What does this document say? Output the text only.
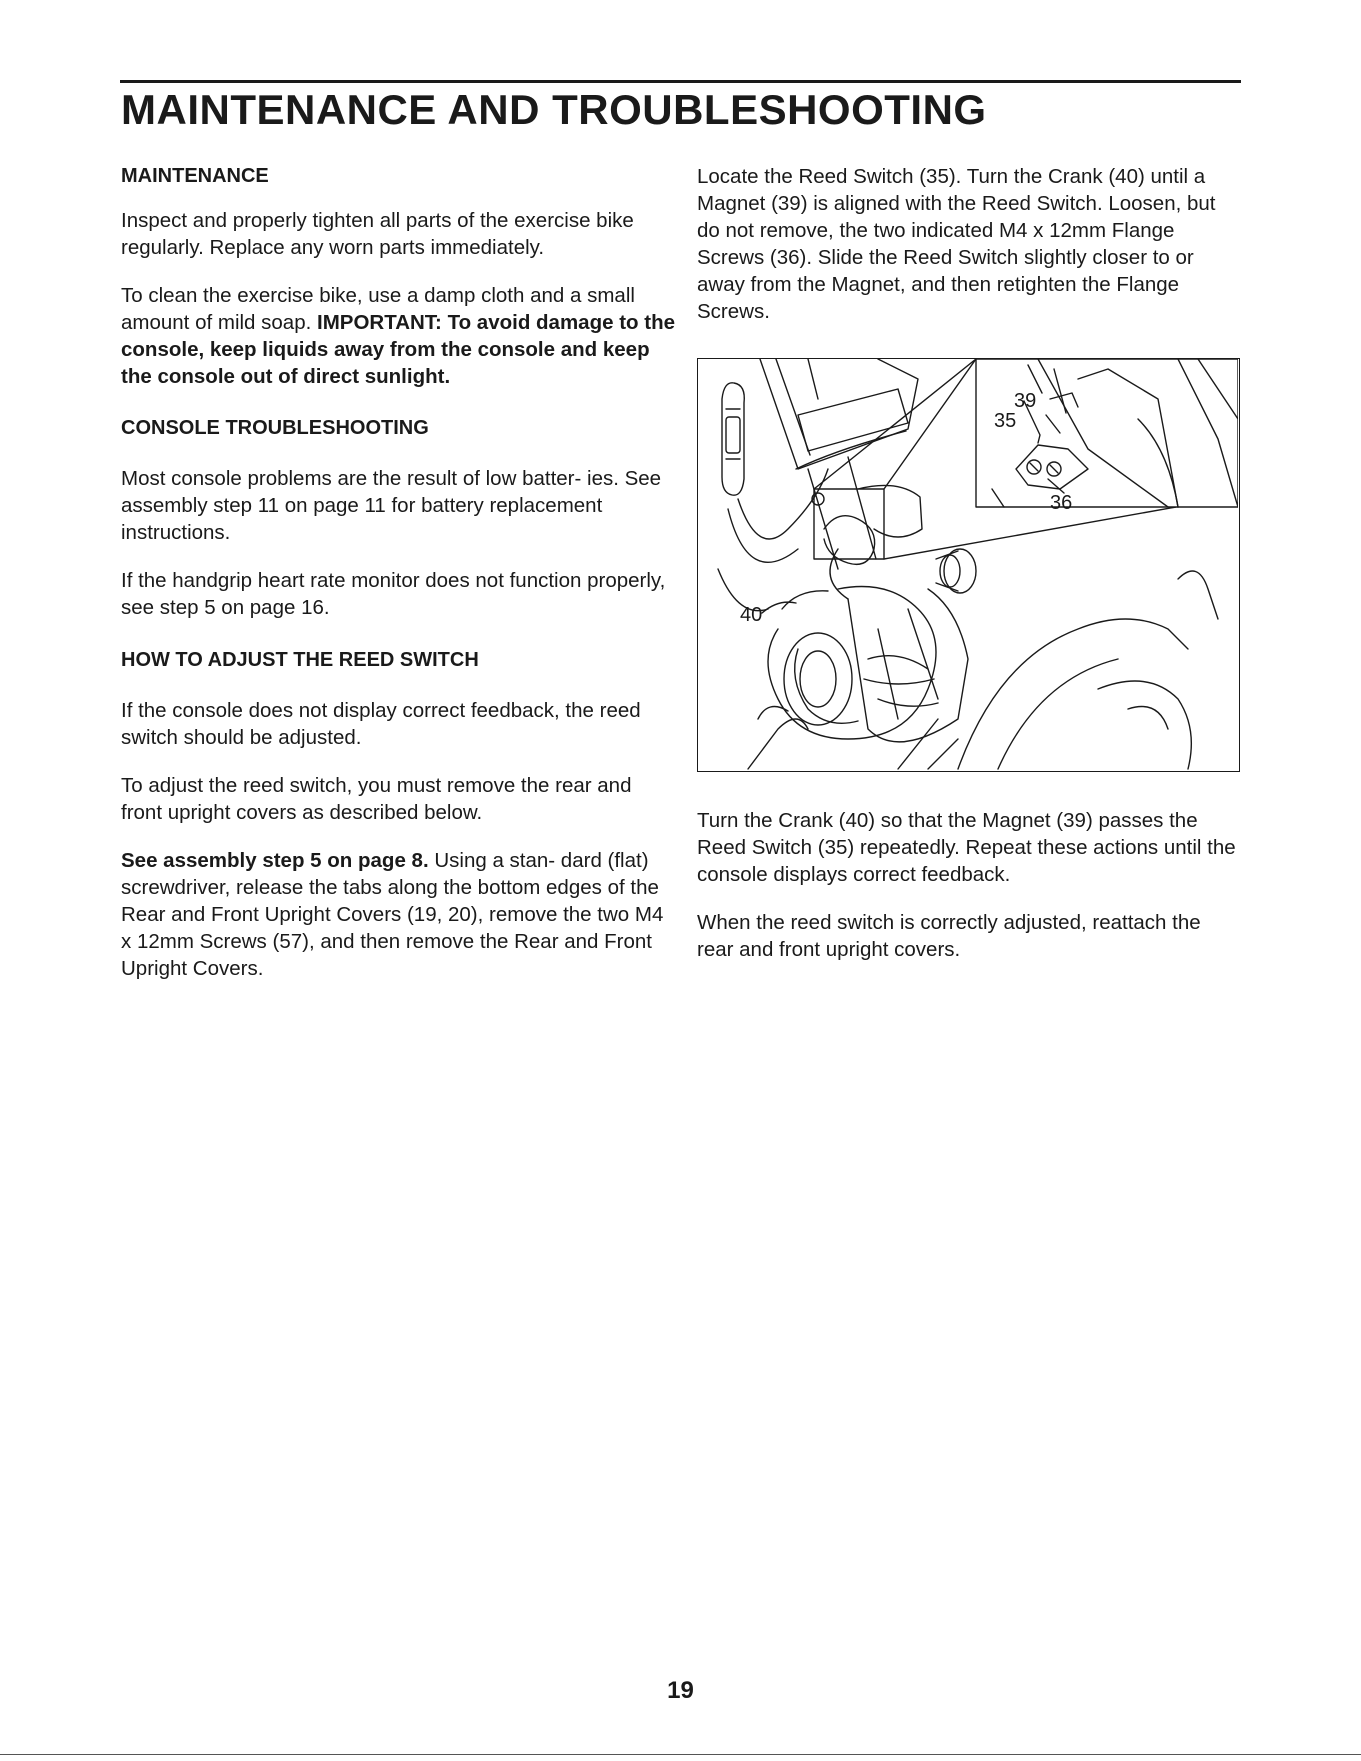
MAINTENANCE AND TROUBLESHOOTING
MAINTENANCE

Inspect and properly tighten all parts of the exercise bike regularly. Replace any worn parts immediately.

To clean the exercise bike, use a damp cloth and a small amount of mild soap. IMPORTANT: To avoid damage to the console, keep liquids away from the console and keep the console out of direct sunlight.

CONSOLE TROUBLESHOOTING

Most console problems are the result of low batter- ies. See assembly step 11 on page 11 for battery replacement instructions.

If the handgrip heart rate monitor does not function properly, see step 5 on page 16.

HOW TO ADJUST THE REED SWITCH

If the console does not display correct feedback, the reed switch should be adjusted.

To adjust the reed switch, you must remove the rear and front upright covers as described below.

See assembly step 5 on page 8. Using a stan- dard (flat) screwdriver, release the tabs along the bottom edges of the Rear and Front Upright Covers (19, 20), remove the two M4 x 12mm Screws (57), and then remove the Rear and Front Upright Covers.

Locate the Reed Switch (35). Turn the Crank (40) until a Magnet (39) is aligned with the Reed Switch. Loosen, but do not remove, the two indicated M4 x 12mm Flange Screws (36). Slide the Reed Switch slightly closer to or away from the Magnet, and then retighten the Flange Screws.

39
35
36
40

Turn the Crank (40) so that the Magnet (39) passes the Reed Switch (35) repeatedly. Repeat these actions until the console displays correct feedback.

When the reed switch is correctly adjusted, reattach the rear and front upright covers.

19
